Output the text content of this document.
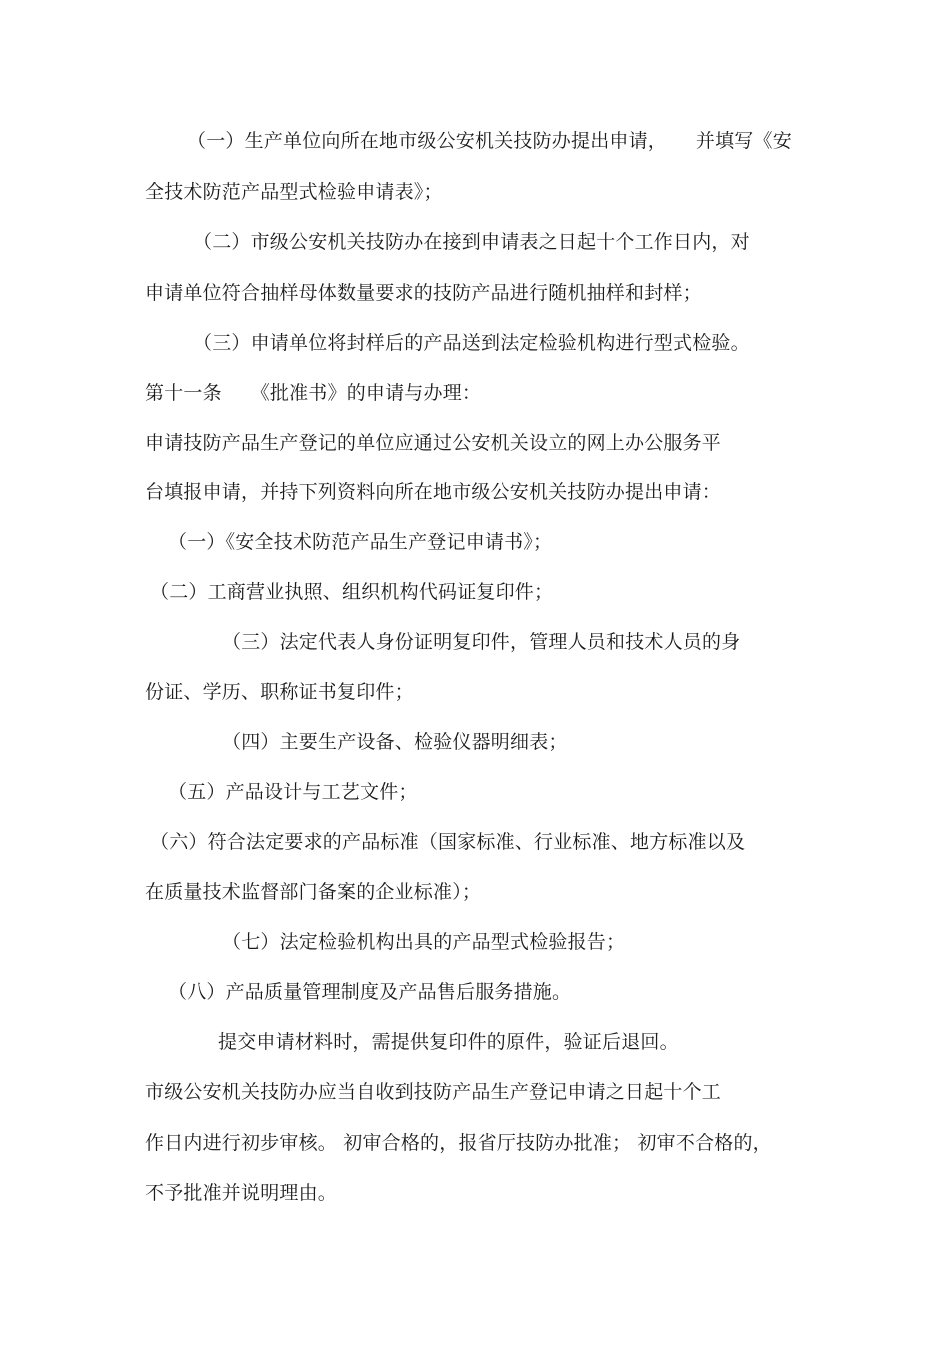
（一）生产单位向所在地市级公安机关技防办提出申请，　　并填写《安
全技术防范产品型式检验申请表》；
（二）市级公安机关技防办在接到申请表之日起十个工作日内，对
申请单位符合抽样母体数量要求的技防产品进行随机抽样和封样；
（三）申请单位将封样后的产品送到法定检验机构进行型式检验。
第十一条　　《批准书》的申请与办理：
申请技防产品生产登记的单位应通过公安机关设立的网上办公服务平
台填报申请，并持下列资料向所在地市级公安机关技防办提出申请：
（一）《安全技术防范产品生产登记申请书》；
（二）工商营业执照、组织机构代码证复印件；
（三）法定代表人身份证明复印件，管理人员和技术人员的身
份证、学历、职称证书复印件；
（四）主要生产设备、检验仪器明细表；
（五）产品设计与工艺文件；
（六）符合法定要求的产品标准（国家标准、行业标准、地方标准以及
在质量技术监督部门备案的企业标准）；
（七）法定检验机构出具的产品型式检验报告；
（八）产品质量管理制度及产品售后服务措施。
提交申请材料时，需提供复印件的原件，验证后退回。
市级公安机关技防办应当自收到技防产品生产登记申请之日起十个工
作日内进行初步审核。 初审合格的，报省厅技防办批准； 初审不合格的，
不予批准并说明理由。
